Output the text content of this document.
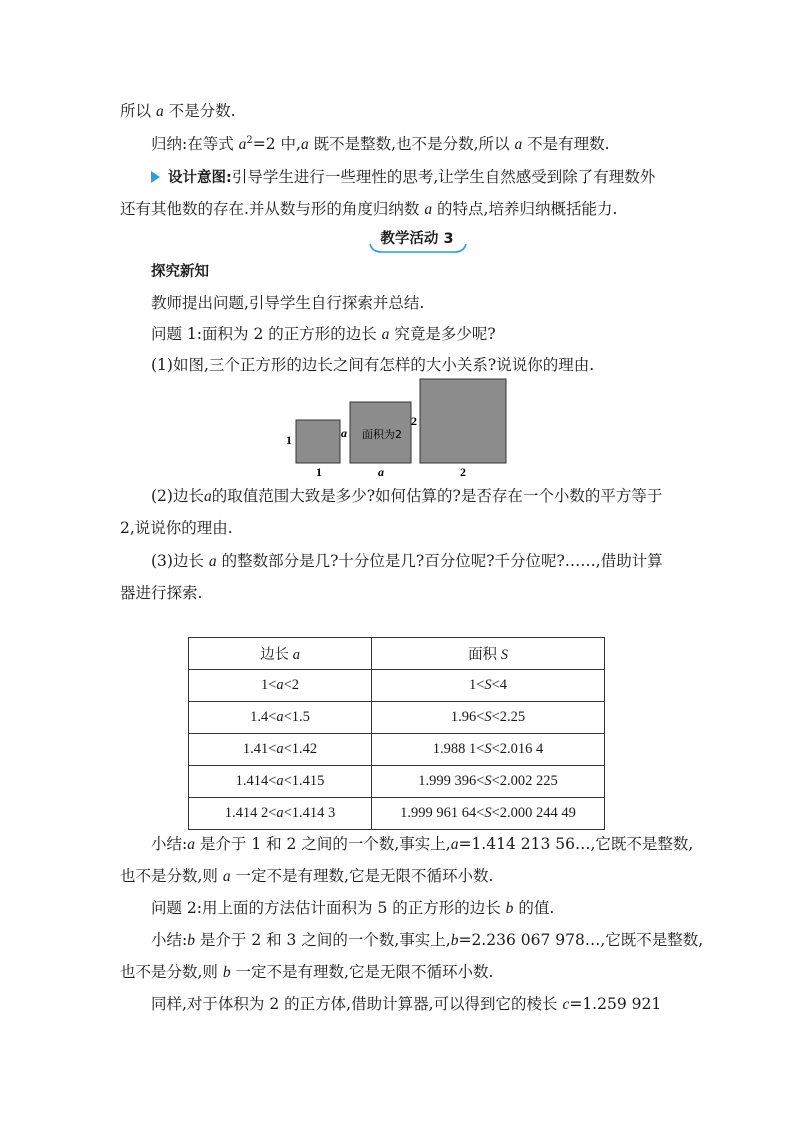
所以 a 不是分数.
归纳:在等式 $a^2=2$ 中,a 既不是整数,也不是分数,所以 a 不是有理数.
设计意图:引导学生进行一些理性的思考,让学生自然感受到除了有理数外
还有其他数的存在.并从数与形的角度归纳数 a 的特点,培养归纳概括能力.
教学活动 3
探究新知
教师提出问题,引导学生自行探索并总结.
问题 1:面积为 2 的正方形的边长 a 究竟是多少呢?
(1)如图,三个正方形的边长之间有怎样的大小关系?说说你的理由.
1
1
a 面积为2
a
2
2
(2)边长a的取值范围大致是多少?如何估算的?是否存在一个小数的平方等于
2,说说你的理由.
(3)边长 a 的整数部分是几?十分位是几?百分位呢?千分位呢?……,借助计算
器进行探索.
边长 a	面积 S
1<a<2	1<S<4
1.4<a<1.5	1.96<S<2.25
1.41<a<1.42	1.988 1<S<2.016 4
1.414<a<1.415	1.999 396<S<2.002 225
1.414 2<a<1.414 3	1.999 961 64<S<2.000 244 49
小结:a 是介于 1 和 2 之间的一个数,事实上,a=1.414 213 56…,它既不是整数,
也不是分数,则 a 一定不是有理数,它是无限不循环小数.
问题 2:用上面的方法估计面积为 5 的正方形的边长 b 的值.
小结:b 是介于 2 和 3 之间的一个数,事实上,b=2.236 067 978…,它既不是整数,
也不是分数,则 b 一定不是有理数,它是无限不循环小数.
同样,对于体积为 2 的正方体,借助计算器,可以得到它的棱长 c=1.259 921
